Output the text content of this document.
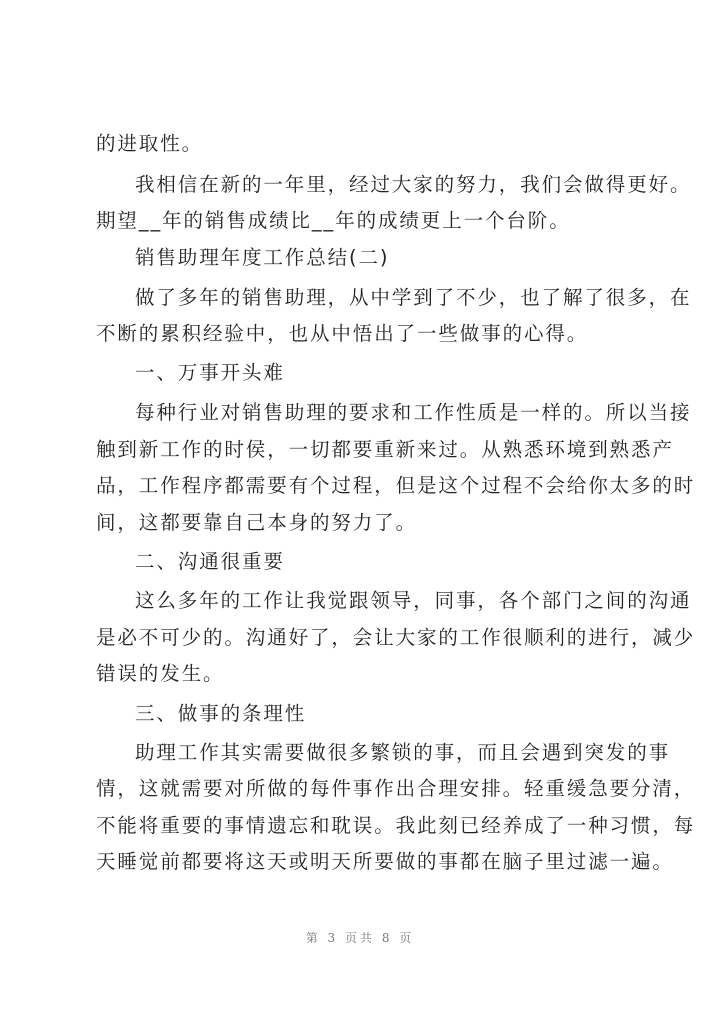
的进取性。
我相信在新的一年里，经过大家的努力，我们会做得更好。
期望__年的销售成绩比__年的成绩更上一个台阶。
销售助理年度工作总结(二)
做了多年的销售助理，从中学到了不少，也了解了很多，在
不断的累积经验中，也从中悟出了一些做事的心得。
一、万事开头难
每种行业对销售助理的要求和工作性质是一样的。所以当接
触到新工作的时侯，一切都要重新来过。从熟悉环境到熟悉产
品，工作程序都需要有个过程，但是这个过程不会给你太多的时
间，这都要靠自己本身的努力了。
二、沟通很重要
这么多年的工作让我觉跟领导，同事，各个部门之间的沟通
是必不可少的。沟通好了，会让大家的工作很顺利的进行，减少
错误的发生。
三、做事的条理性
助理工作其实需要做很多繁锁的事，而且会遇到突发的事
情，这就需要对所做的每件事作出合理安排。轻重缓急要分清，
不能将重要的事情遗忘和耽误。我此刻已经养成了一种习惯，每
天睡觉前都要将这天或明天所要做的事都在脑子里过滤一遍。
第 3 页共 8 页
